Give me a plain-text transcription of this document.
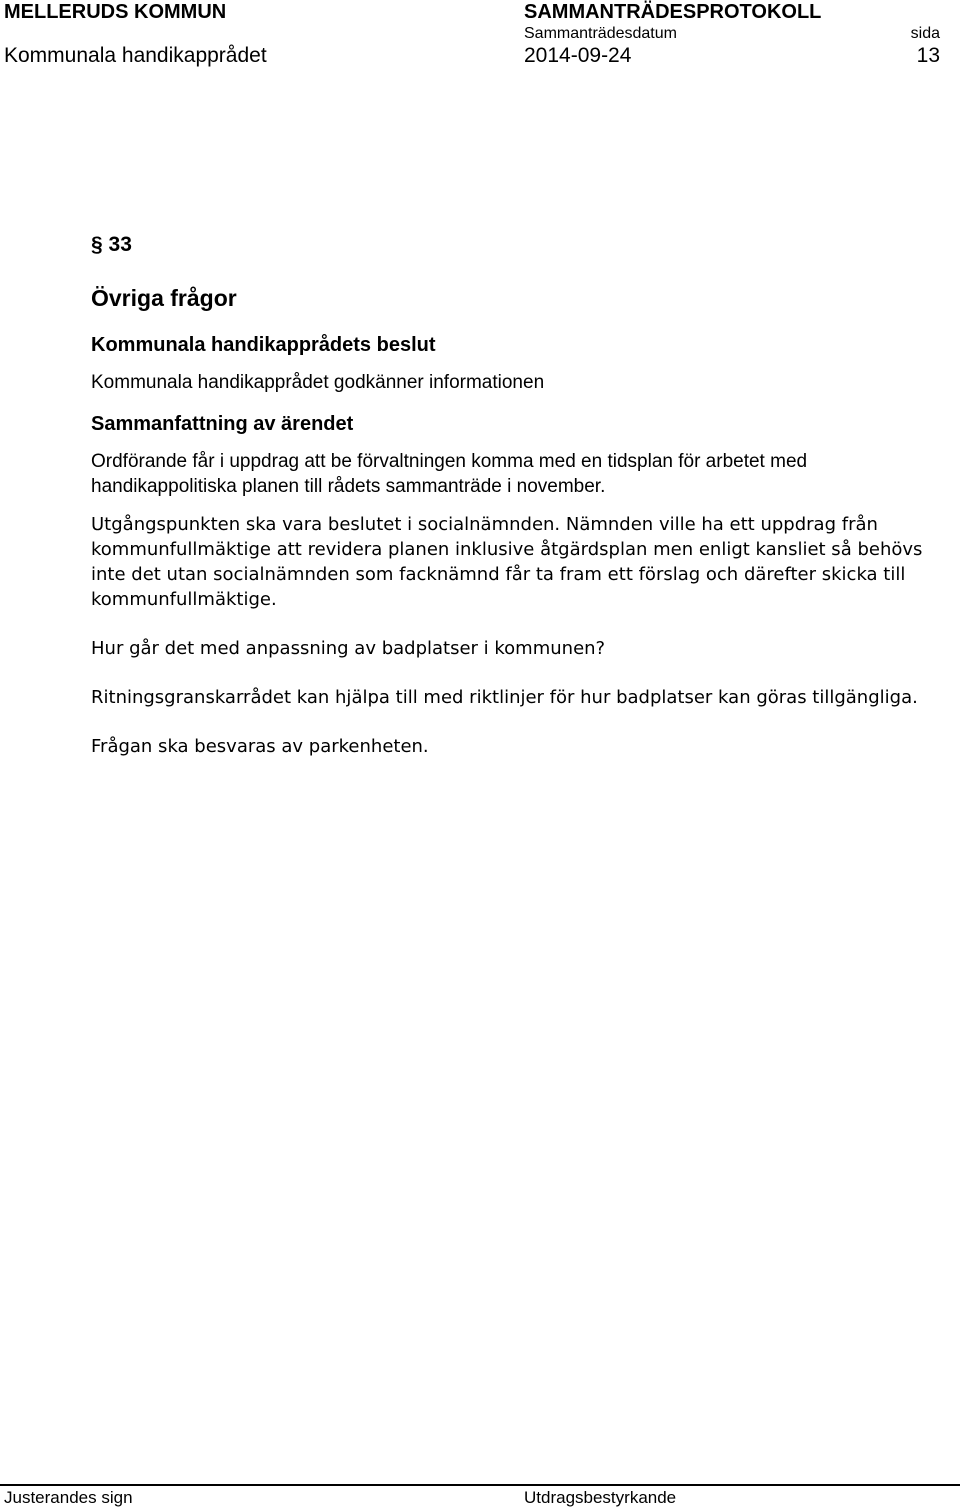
MELLERUDS KOMMUN	SAMMANTRÄDESPROTOKOLL
Sammanträdesdatum	sida
Kommunala handikapprådet	2014-09-24	13
§ 33
Övriga frågor
Kommunala handikapprådets beslut

Kommunala handikapprådet godkänner informationen

Sammanfattning av ärendet

Ordförande får i uppdrag att be förvaltningen komma med en tidsplan för arbetet med handikappolitiska planen till rådets sammanträde i november.

Utgångspunkten ska vara beslutet i socialnämnden. Nämnden ville ha ett uppdrag från kommunfullmäktige att revidera planen inklusive åtgärdsplan men enligt kansliet så behövs inte det utan socialnämnden som facknämnd får ta fram ett förslag och därefter skicka till kommunfullmäktige.

Hur går det med anpassning av badplatser i kommunen?

Ritningsgranskarrådet kan hjälpa till med riktlinjer för hur badplatser kan göras tillgängliga.

Frågan ska besvaras av parkenheten.

Justerandes sign	Utdragsbestyrkande
